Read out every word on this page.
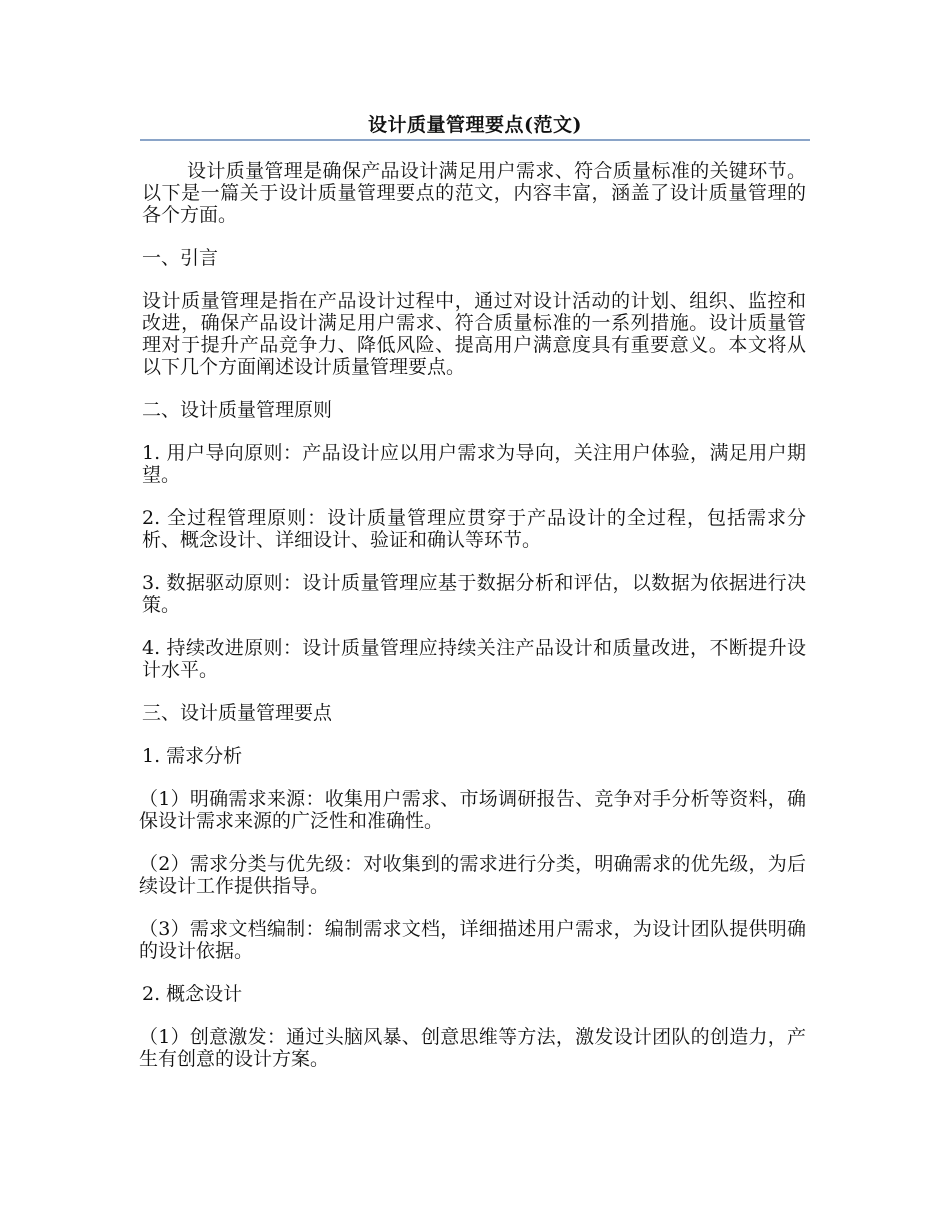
设计质量管理要点(范文)

设计质量管理是确保产品设计满足用户需求、符合质量标准的关键环节。以下是一篇关于设计质量管理要点的范文，内容丰富，涵盖了设计质量管理的各个方面。

一、引言

设计质量管理是指在产品设计过程中，通过对设计活动的计划、组织、监控和改进，确保产品设计满足用户需求、符合质量标准的一系列措施。设计质量管理对于提升产品竞争力、降低风险、提高用户满意度具有重要意义。本文将从以下几个方面阐述设计质量管理要点。

二、设计质量管理原则

1. 用户导向原则：产品设计应以用户需求为导向，关注用户体验，满足用户期望。

2. 全过程管理原则：设计质量管理应贯穿于产品设计的全过程，包括需求分析、概念设计、详细设计、验证和确认等环节。

3. 数据驱动原则：设计质量管理应基于数据分析和评估，以数据为依据进行决策。

4. 持续改进原则：设计质量管理应持续关注产品设计和质量改进，不断提升设计水平。

三、设计质量管理要点

1. 需求分析

（1）明确需求来源：收集用户需求、市场调研报告、竞争对手分析等资料，确保设计需求来源的广泛性和准确性。

（2）需求分类与优先级：对收集到的需求进行分类，明确需求的优先级，为后续设计工作提供指导。

（3）需求文档编制：编制需求文档，详细描述用户需求，为设计团队提供明确的设计依据。

2. 概念设计

（1）创意激发：通过头脑风暴、创意思维等方法，激发设计团队的创造力，产生有创意的设计方案。
